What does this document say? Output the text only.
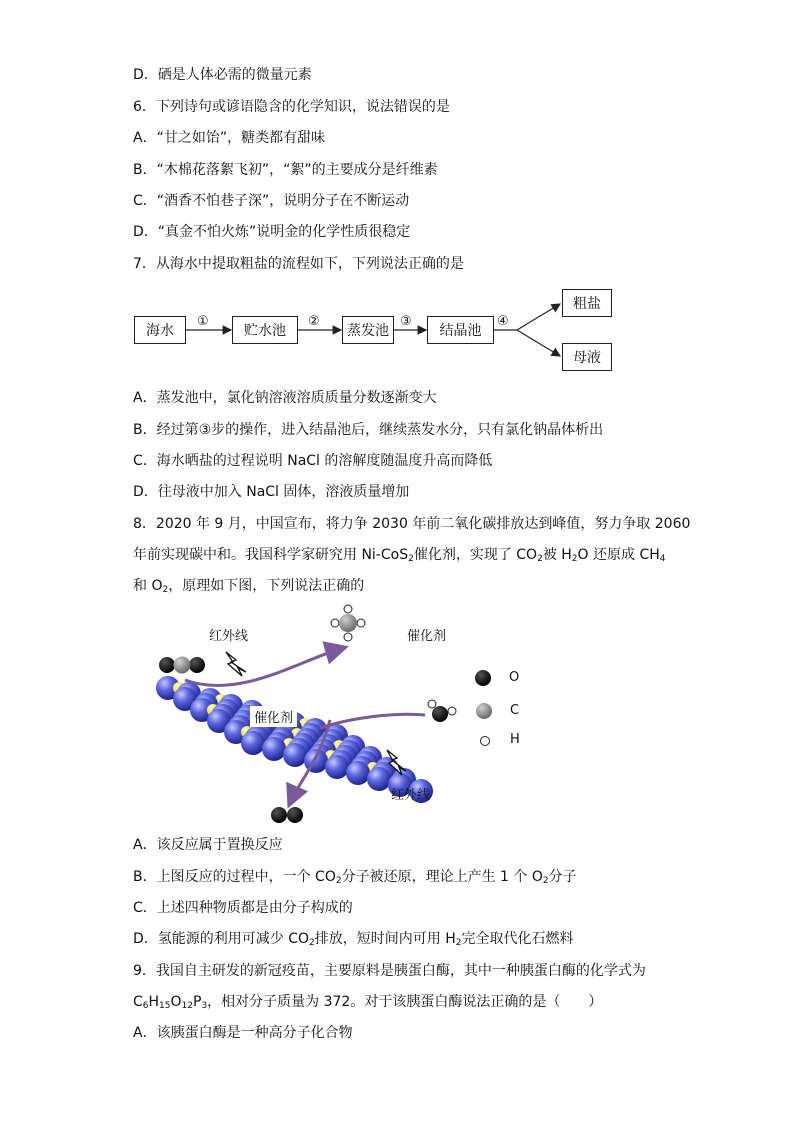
D．硒是人体必需的微量元素
6．下列诗句或谚语隐含的化学知识，说法错误的是
A．“甘之如饴”，糖类都有甜味
B．“木棉花落絮飞初”，“絮”的主要成分是纤维素
C．“酒香不怕巷子深”，说明分子在不断运动
D．“真金不怕火炼”说明金的化学性质很稳定
7．从海水中提取粗盐的流程如下，下列说法正确的是
海水	贮水池	蒸发池	结晶池
粗盐
母液
①	②	③	④
A．蒸发池中，氯化钠溶液溶质质量分数逐渐变大
B．经过第③步的操作，进入结晶池后，继续蒸发水分，只有氯化钠晶体析出
C．海水晒盐的过程说明 NaCl 的溶解度随温度升高而降低
D．往母液中加入 NaCl 固体，溶液质量增加
8．2020 年 9 月，中国宣布，将力争 2030 年前二氧化碳排放达到峰值，努力争取 2060
年前实现碳中和。我国科学家研究用 Ni-CoS$_2$催化剂，实现了 $CO_2$被 $H_2O$ 还原成 $CH_4$
和 $O_2$，原理如下图，下列说法正确的
红外线	催化剂
催化剂
红外线
O
C
H
A．该反应属于置换反应
B．上图反应的过程中，一个 $CO_2$分子被还原，理论上产生 1 个 $O_2$分子
C．上述四种物质都是由分子构成的
D．氢能源的利用可减少 $CO_2$排放，短时间内可用 $H_2$完全取代化石燃料
9．我国自主研发的新冠疫苗，主要原料是胰蛋白酶，其中一种胰蛋白酶的化学式为
$C_6H_{15}O_{12}P_3$，相对分子质量为 372。对于该胰蛋白酶说法正确的是（　　）
A．该胰蛋白酶是一种高分子化合物
